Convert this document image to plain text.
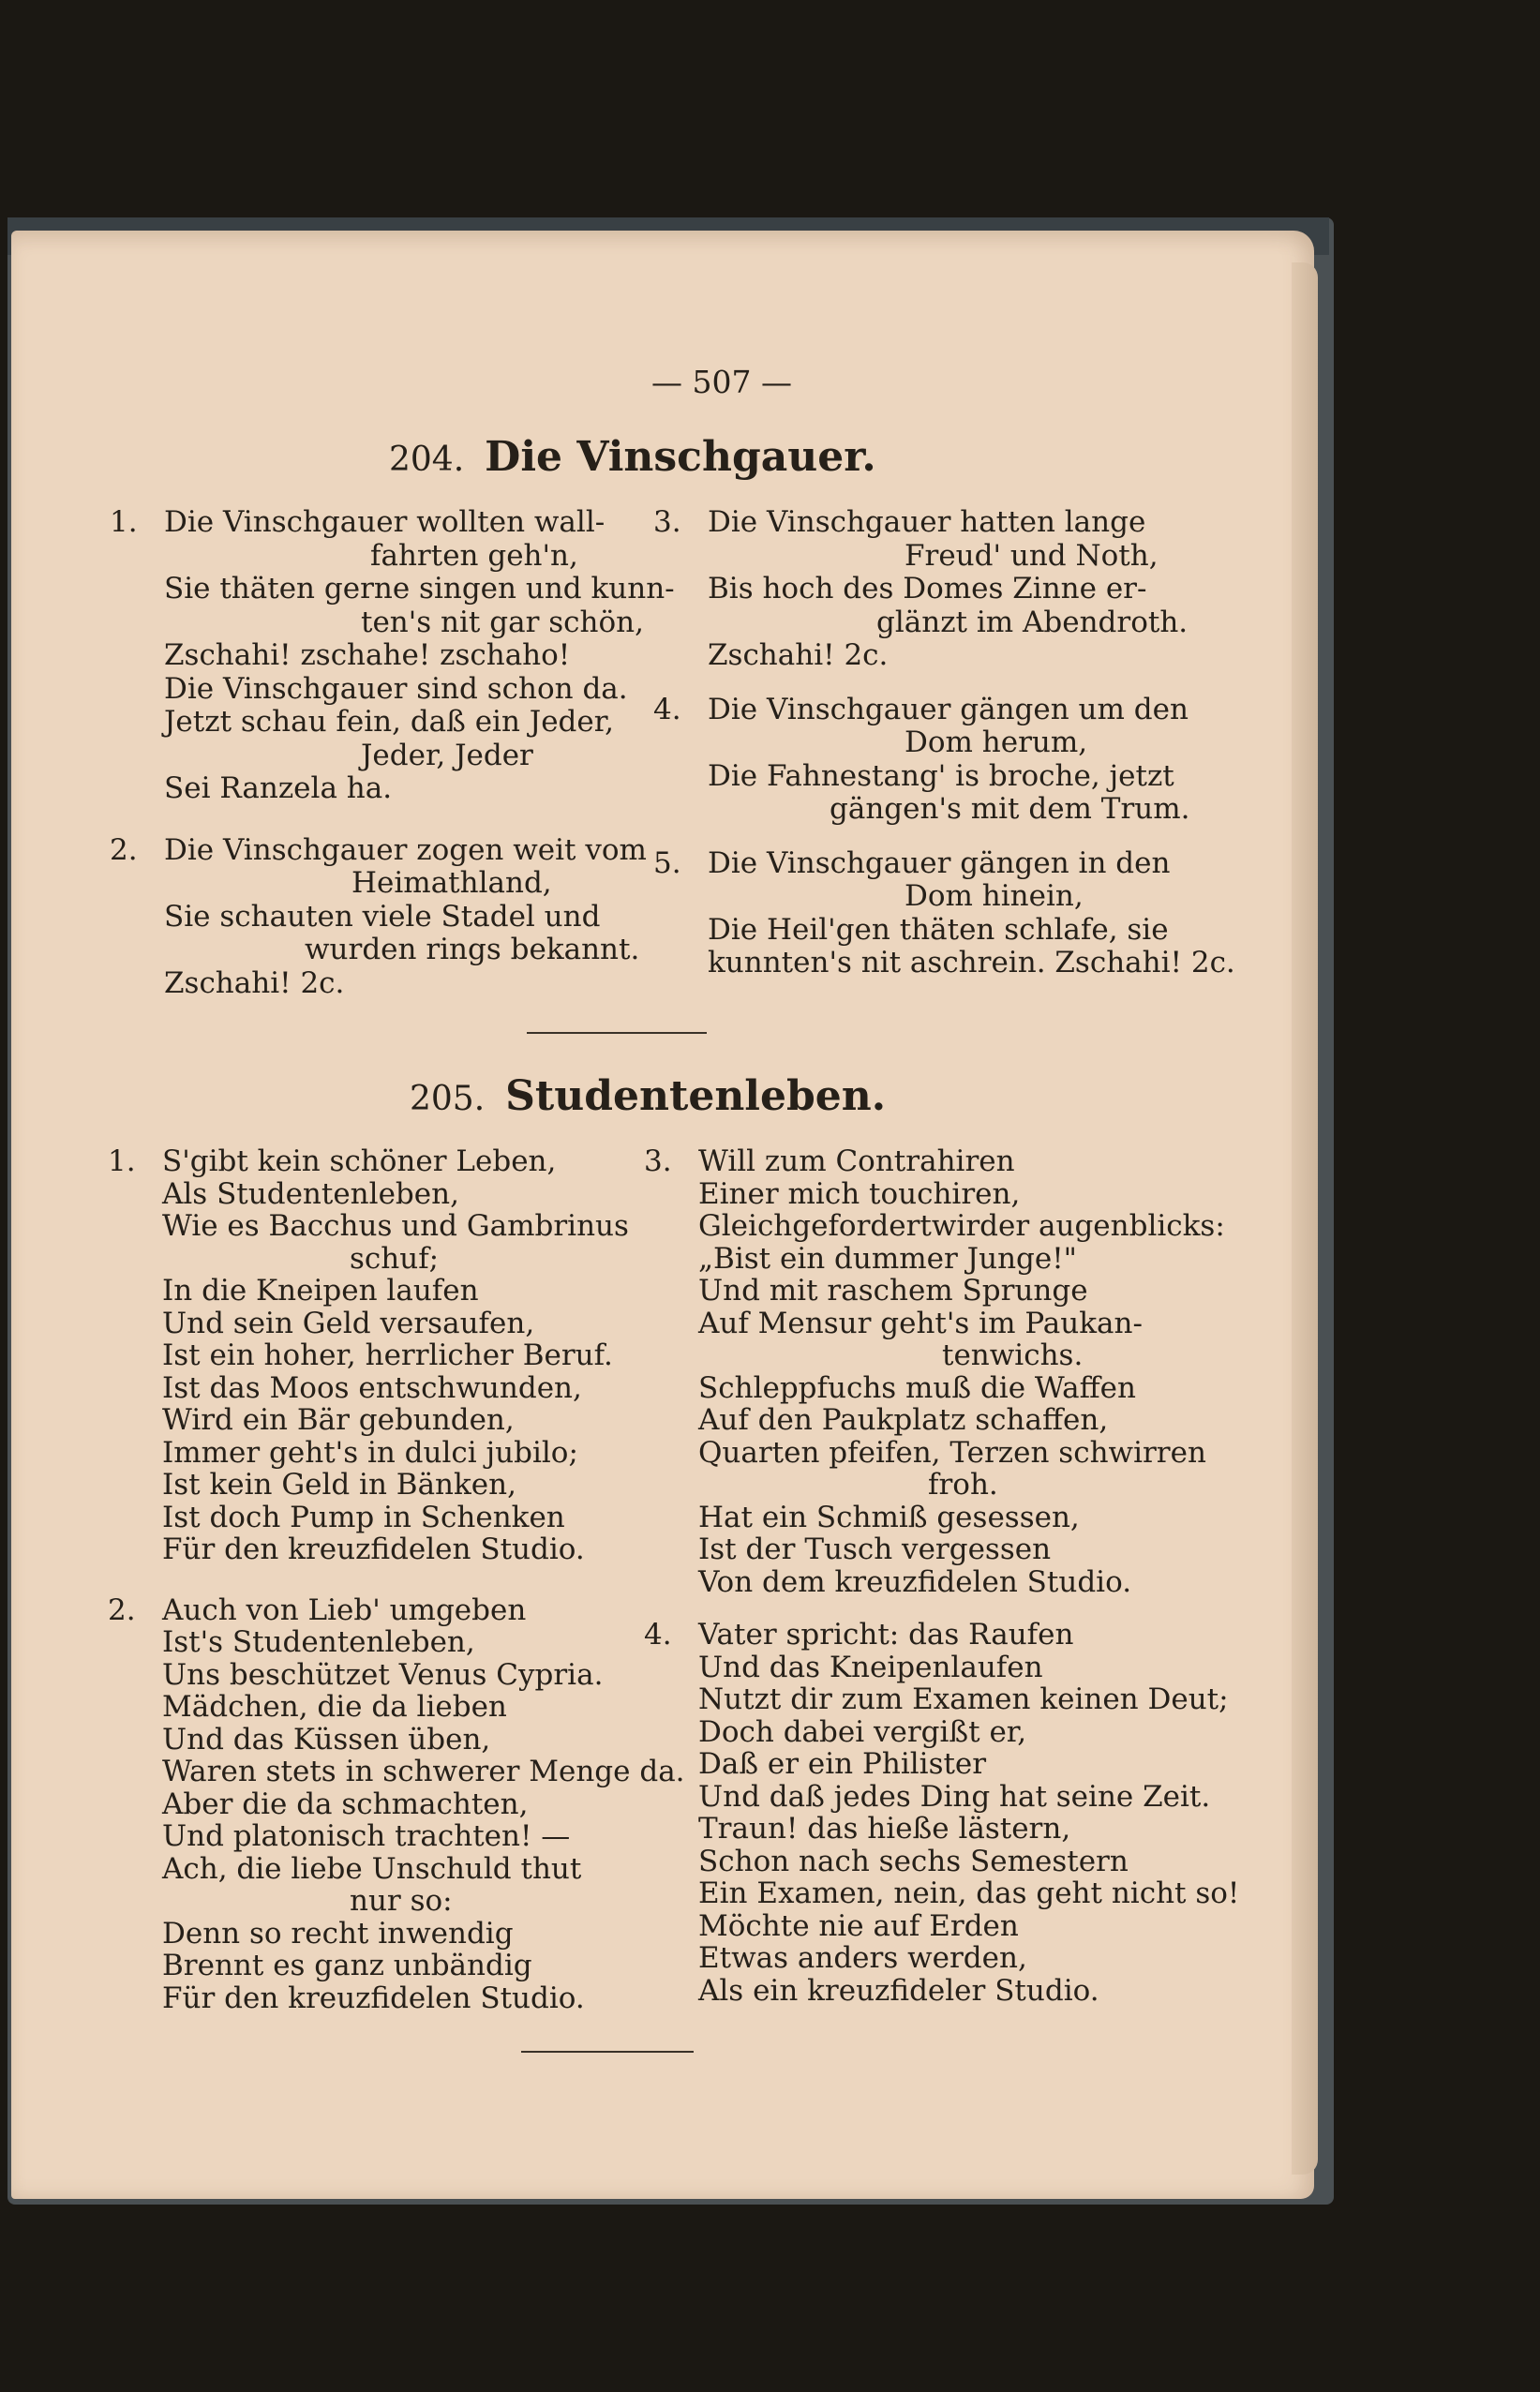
— 507 —
204. Die Vinschgauer.
1. Die Vinschgauer wollten wall-
fahrten geh'n,
Sie thäten gerne singen und kunn-
ten's nit gar schön,
Zschahi! zschahe! zschaho!
Die Vinschgauer sind schon da.
Jetzt schau fein, daß ein Jeder,
Jeder, Jeder
Sei Ranzela ha.
2. Die Vinschgauer zogen weit vom
Heimathland,
Sie schauten viele Stadel und
wurden rings bekannt.
Zschahi! 2c.
3. Die Vinschgauer hatten lange
Freud' und Noth,
Bis hoch des Domes Zinne er-
glänzt im Abendroth.
Zschahi! 2c.
4. Die Vinschgauer gängen um den
Dom herum,
Die Fahnestang' is broche, jetzt
gängen's mit dem Trum.
5. Die Vinschgauer gängen in den
Dom hinein,
Die Heil'gen thäten schlafe, sie
kunnten's nit aschrein. Zschahi! 2c.
205. Studentenleben.
1. S'gibt kein schöner Leben,
Als Studentenleben,
Wie es Bacchus und Gambrinus
schuf;
In die Kneipen laufen
Und sein Geld versaufen,
Ist ein hoher, herrlicher Beruf.
Ist das Moos entschwunden,
Wird ein Bär gebunden,
Immer geht's in dulci jubilo;
Ist kein Geld in Bänken,
Ist doch Pump in Schenken
Für den kreuzfidelen Studio.
2. Auch von Lieb' umgeben
Ist's Studentenleben,
Uns beschützet Venus Cypria.
Mädchen, die da lieben
Und das Küssen üben,
Waren stets in schwerer Menge da.
Aber die da schmachten,
Und platonisch trachten! —
Ach, die liebe Unschuld thut
nur so:
Denn so recht inwendig
Brennt es ganz unbändig
Für den kreuzfidelen Studio.
3. Will zum Contrahiren
Einer mich touchiren,
Gleichgefordertwirder augenblicks:
„Bist ein dummer Junge!"
Und mit raschem Sprunge
Auf Mensur geht's im Paukan-
tenwichs.
Schleppfuchs muß die Waffen
Auf den Paukplatz schaffen,
Quarten pfeifen, Terzen schwirren
froh.
Hat ein Schmiß gesessen,
Ist der Tusch vergessen
Von dem kreuzfidelen Studio.
4. Vater spricht: das Raufen
Und das Kneipenlaufen
Nutzt dir zum Examen keinen Deut;
Doch dabei vergißt er,
Daß er ein Philister
Und daß jedes Ding hat seine Zeit.
Traun! das hieße lästern,
Schon nach sechs Semestern
Ein Examen, nein, das geht nicht so!
Möchte nie auf Erden
Etwas anders werden,
Als ein kreuzfideler Studio.
